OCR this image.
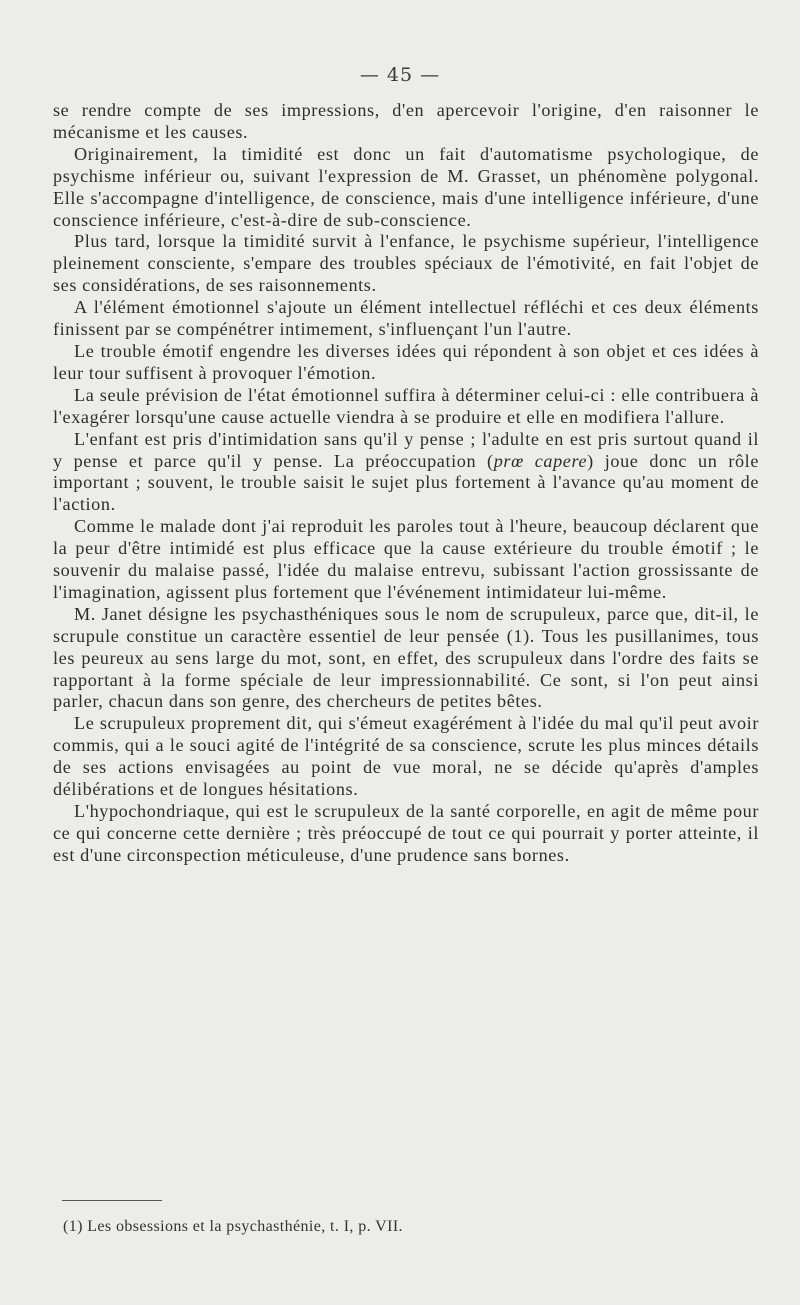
— 45 —

se rendre compte de ses impressions, d'en apercevoir l'origine, d'en raisonner le mécanisme et les causes.

Originairement, la timidité est donc un fait d'automatisme psychologique, de psychisme inférieur ou, suivant l'expression de M. Grasset, un phénomène polygonal. Elle s'accompagne d'intelligence, de conscience, mais d'une intelligence inférieure, d'une conscience inférieure, c'est-à-dire de sub-conscience.

Plus tard, lorsque la timidité survit à l'enfance, le psychisme supérieur, l'intelligence pleinement consciente, s'empare des troubles spéciaux de l'émotivité, en fait l'objet de ses considérations, de ses raisonnements.

A l'élément émotionnel s'ajoute un élément intellectuel réfléchi et ces deux éléments finissent par se compénétrer intimement, s'influençant l'un l'autre.

Le trouble émotif engendre les diverses idées qui répondent à son objet et ces idées à leur tour suffisent à provoquer l'émotion.

La seule prévision de l'état émotionnel suffira à déterminer celui-ci : elle contribuera à l'exagérer lorsqu'une cause actuelle viendra à se produire et elle en modifiera l'allure.

L'enfant est pris d'intimidation sans qu'il y pense ; l'adulte en est pris surtout quand il y pense et parce qu'il y pense. La préoccupation (prœ capere) joue donc un rôle important ; souvent, le trouble saisit le sujet plus fortement à l'avance qu'au moment de l'action.

Comme le malade dont j'ai reproduit les paroles tout à l'heure, beaucoup déclarent que la peur d'être intimidé est plus efficace que la cause extérieure du trouble émotif ; le souvenir du malaise passé, l'idée du malaise entrevu, subissant l'action grossissante de l'imagination, agissent plus fortement que l'événement intimidateur lui-même.

M. Janet désigne les psychasthéniques sous le nom de scrupuleux, parce que, dit-il, le scrupule constitue un caractère essentiel de leur pensée (1). Tous les pusillanimes, tous les peureux au sens large du mot, sont, en effet, des scrupuleux dans l'ordre des faits se rapportant à la forme spéciale de leur impressionnabilité. Ce sont, si l'on peut ainsi parler, chacun dans son genre, des chercheurs de petites bêtes.

Le scrupuleux proprement dit, qui s'émeut exagérément à l'idée du mal qu'il peut avoir commis, qui a le souci agité de l'intégrité de sa conscience, scrute les plus minces détails de ses actions envisagées au point de vue moral, ne se décide qu'après d'amples délibérations et de longues hésitations.

L'hypochondriaque, qui est le scrupuleux de la santé corporelle, en agit de même pour ce qui concerne cette dernière ; très préoccupé de tout ce qui pourrait y porter atteinte, il est d'une circonspection méticuleuse, d'une prudence sans bornes.

(1) Les obsessions et la psychasthénie, t. I, p. VII.
